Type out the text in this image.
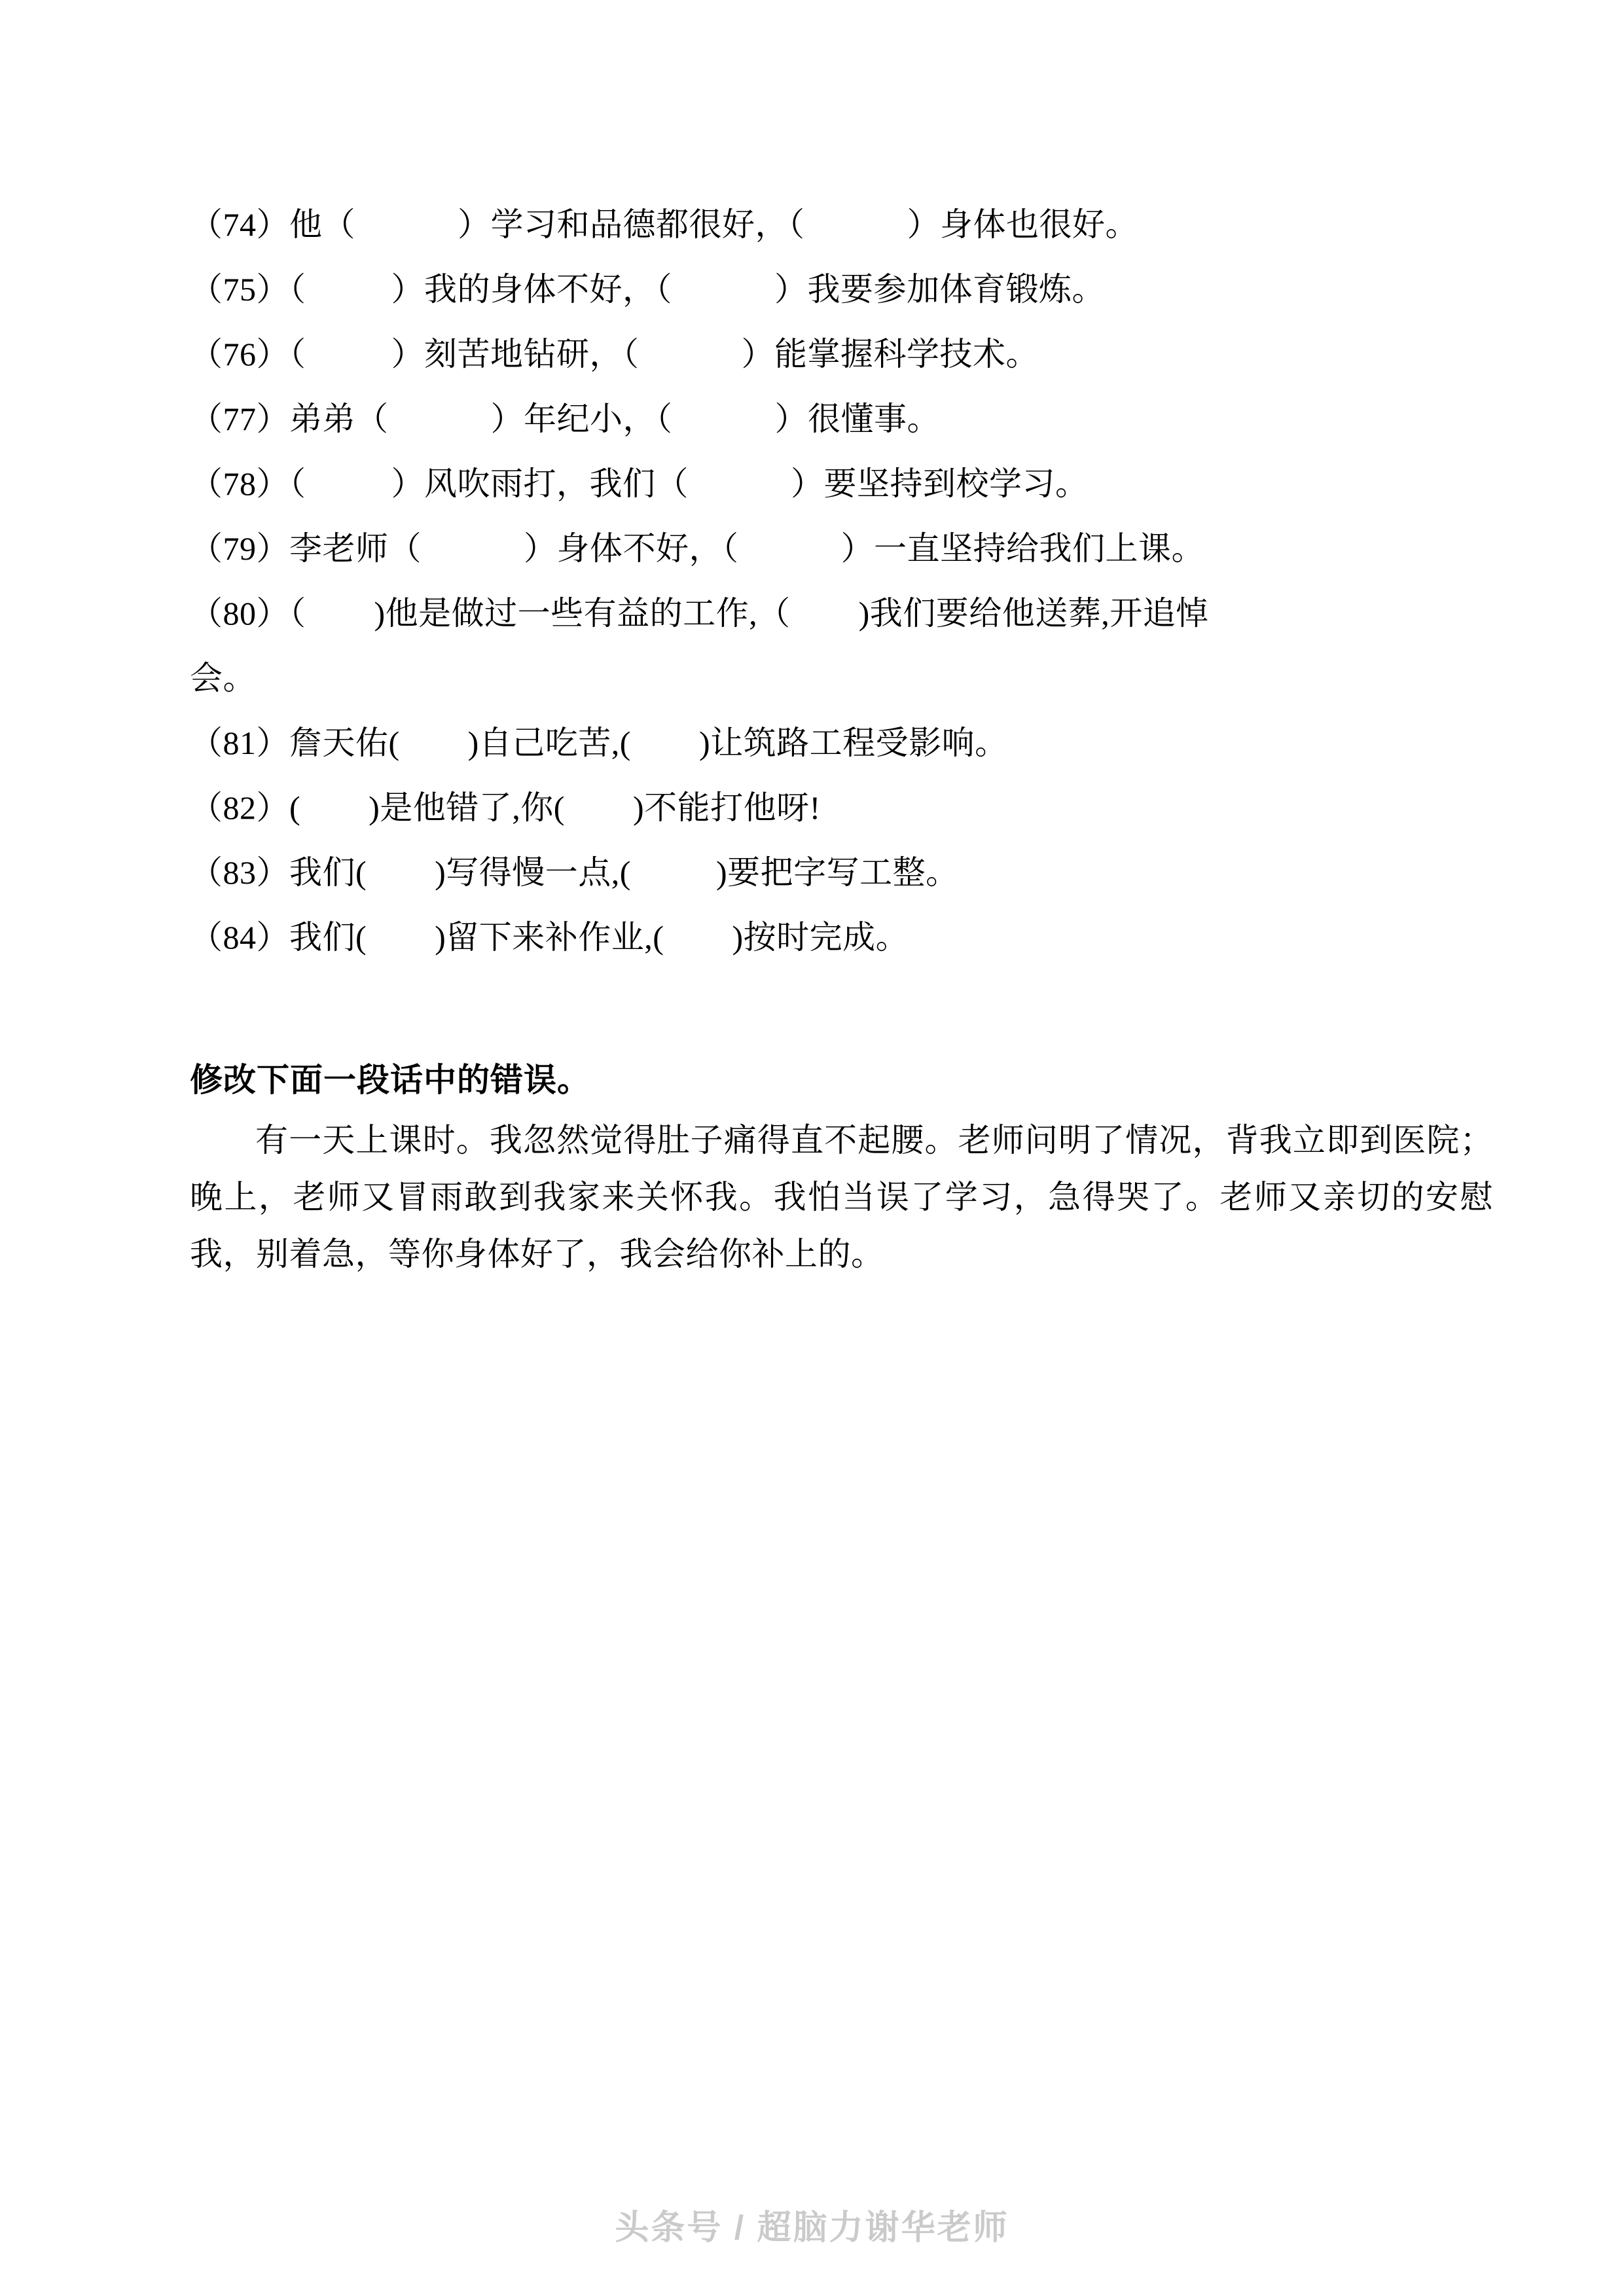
（74）他（            ）学习和品德都很好，（            ）身体也很好。

（75）（          ）我的身体不好，（            ）我要参加体育锻炼。

（76）（          ）刻苦地钻研，（            ）能掌握科学技术。

（77）弟弟（            ）年纪小，（            ）很懂事。

（78）（          ）风吹雨打，我们（            ）要坚持到校学习。

（79）李老师（            ）身体不好，（            ）一直坚持给我们上课。

（80）（        )他是做过一些有益的工作,（        )我们要给他送葬,开追悼

会。

（81）詹天佑(        )自己吃苦,(        )让筑路工程受影响。

（82）(        )是他错了,你(        )不能打他呀!

（83）我们(        )写得慢一点,(          )要把字写工整。

（84）我们(        )留下来补作业,(        )按时完成。

修改下面一段话中的错误。

有一天上课时。我忽然觉得肚子痛得直不起腰。老师问明了情况，背我立即到医院；晚上，老师又冒雨敢到我家来关怀我。我怕当误了学习，急得哭了。老师又亲切的安慰我，别着急，等你身体好了，我会给你补上的。

头条号 / 超脑力谢华老师
